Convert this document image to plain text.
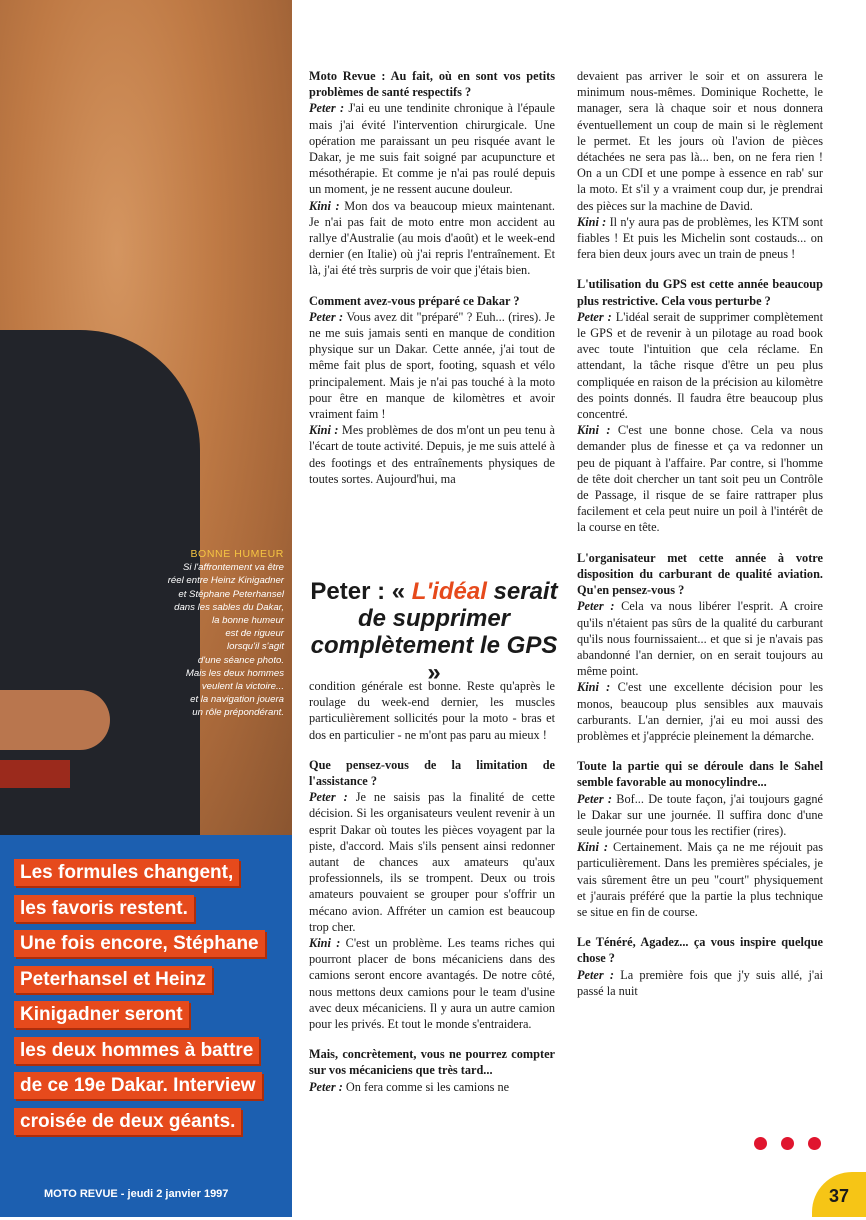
BONNE HUMEUR
Si l'affrontement va être
réel entre Heinz Kinigadner
et Stéphane Peterhansel
dans les sables du Dakar,
la bonne humeur
est de rigueur
lorsqu'il s'agit
d'une séance photo.
Mais les deux hommes
veulent la victoire...
et la navigation jouera
un rôle prépondérant.
Les formules changent,
les favoris restent.
Une fois encore, Stéphane
Peterhansel et Heinz
Kinigadner seront
les deux hommes à battre
de ce 19e Dakar. Interview
croisée de deux géants.
MOTO REVUE - jeudi 2 janvier 1997

Moto Revue : Au fait, où en sont vos petits problèmes de santé respectifs ?

Peter : J'ai eu une tendinite chronique à l'épaule mais j'ai évité l'intervention chirurgicale. Une opération me paraissant un peu risquée avant le Dakar, je me suis fait soigné par acupuncture et mésothérapie. Et comme je n'ai pas roulé depuis un moment, je ne ressent aucune douleur.

Kini : Mon dos va beaucoup mieux maintenant. Je n'ai pas fait de moto entre mon accident au rallye d'Australie (au mois d'août) et le week-end dernier (en Italie) où j'ai repris l'entraînement. Et là, j'ai été très surpris de voir que j'étais bien.

Comment avez-vous préparé ce Dakar ?

Peter : Vous avez dit "préparé" ? Euh... (rires). Je ne me suis jamais senti en manque de condition physique sur un Dakar. Cette année, j'ai tout de même fait plus de sport, footing, squash et vélo principalement. Mais je n'ai pas touché à la moto pour être en manque de kilomètres et avoir vraiment faim !

Kini : Mes problèmes de dos m'ont un peu tenu à l'écart de toute activité. Depuis, je me suis attelé à des footings et des entraînements physiques de toutes sortes. Aujourd'hui, ma

Peter : « L'idéal serait
de supprimer
complètement le GPS »

condition générale est bonne. Reste qu'après le roulage du week-end dernier, les muscles particulièrement sollicités pour la moto - bras et dos en particulier - ne m'ont pas paru au mieux !

Que pensez-vous de la limitation de l'assistance ?

Peter : Je ne saisis pas la finalité de cette décision. Si les organisateurs veulent revenir à un esprit Dakar où toutes les pièces voyagent par la piste, d'accord. Mais s'ils pensent ainsi redonner autant de chances aux amateurs qu'aux professionnels, ils se trompent. Deux ou trois amateurs pouvaient se grouper pour s'offrir un mécano avion. Affréter un camion est beaucoup trop cher.

Kini : C'est un problème. Les teams riches qui pourront placer de bons mécaniciens dans des camions seront encore avantagés. De notre côté, nous mettons deux camions pour le team d'usine avec deux mécaniciens. Il y aura un autre camion pour les privés. Et tout le monde s'entraidera.

Mais, concrètement, vous ne pourrez compter sur vos mécaniciens que très tard...

Peter : On fera comme si les camions ne

devaient pas arriver le soir et on assurera le minimum nous-mêmes. Dominique Rochette, le manager, sera là chaque soir et nous donnera éventuellement un coup de main si le règlement le permet. Et les jours où l'avion de pièces détachées ne sera pas là... ben, on ne fera rien ! On a un CDI et une pompe à essence en rab' sur la moto. Et s'il y a vraiment coup dur, je prendrai des pièces sur la machine de David.

Kini : Il n'y aura pas de problèmes, les KTM sont fiables ! Et puis les Michelin sont costauds... on fera bien deux jours avec un train de pneus !

L'utilisation du GPS est cette année beaucoup plus restrictive. Cela vous perturbe ?

Peter : L'idéal serait de supprimer complètement le GPS et de revenir à un pilotage au road book avec toute l'intuition que cela réclame. En attendant, la tâche risque d'être un peu plus compliquée en raison de la précision au kilomètre des points donnés. Il faudra être beaucoup plus concentré.

Kini : C'est une bonne chose. Cela va nous demander plus de finesse et ça va redonner un peu de piquant à l'affaire. Par contre, si l'homme de tête doit chercher un tant soit peu un Contrôle de Passage, il risque de se faire rattraper plus facilement et cela peut nuire un poil à l'intérêt de la course en tête.

L'organisateur met cette année à votre disposition du carburant de qualité aviation. Qu'en pensez-vous ?

Peter : Cela va nous libérer l'esprit. A croire qu'ils n'étaient pas sûrs de la qualité du carburant qu'ils nous fournissaient... et que si je n'avais pas abandonné l'an dernier, on en serait toujours au même point.

Kini : C'est une excellente décision pour les monos, beaucoup plus sensibles aux mauvais carburants. L'an dernier, j'ai eu moi aussi des problèmes et j'apprécie pleinement la démarche.

Toute la partie qui se déroule dans le Sahel semble favorable au monocylindre...

Peter : Bof... De toute façon, j'ai toujours gagné le Dakar sur une journée. Il suffira donc d'une seule journée pour tous les rectifier (rires).

Kini : Certainement. Mais ça ne me réjouit pas particulièrement. Dans les premières spéciales, je vais sûrement être un peu "court" physiquement et j'aurais préféré que la partie la plus technique se situe en fin de course.

Le Ténéré, Agadez... ça vous inspire quelque chose ?

Peter : La première fois que j'y suis allé, j'ai passé la nuit

37
